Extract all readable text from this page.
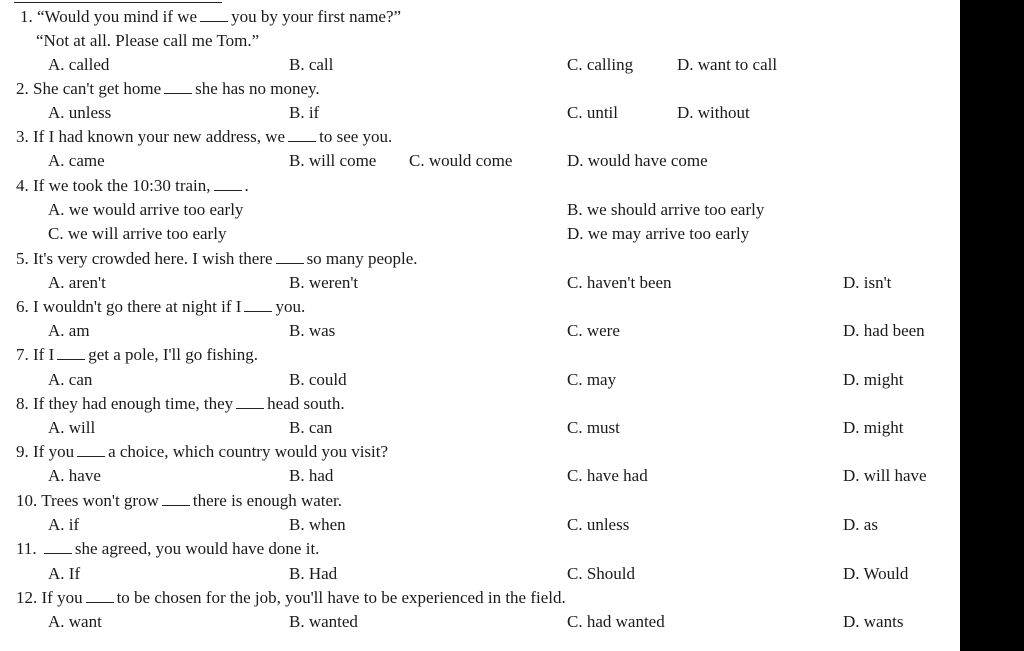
1. “Would you mind if we you by your first name?”
“Not at all. Please call me Tom.”
A. called	B. call	C. calling	D. want to call
2. She can't get home she has no money.
A. unless	B. if	C. until	D. without
3. If I had known your new address, we to see you.
A. came	B. will come C. would come	D. would have come
4. If we took the 10:30 train, .
A. we would arrive too early	B. we should arrive too early
C. we will arrive too early	D. we may arrive too early
5. It's very crowded here. I wish there so many people.
A. aren't	B. weren't	C. haven't been	D. isn't
6. I wouldn't go there at night if I you.
A. am	B. was	C. were	D. had been
7. If I get a pole, I'll go fishing.
A. can	B. could	C. may	D. might
8. If they had enough time, they head south.
A. will	B. can	C. must	D. might
9. If you a choice, which country would you visit?
A. have	B. had	C. have had	D. will have
10. Trees won't grow there is enough water.
A. if	B. when	C. unless	D. as
11. she agreed, you would have done it.
A. If	B. Had	C. Should	D. Would
12. If you to be chosen for the job, you'll have to be experienced in the field.
A. want	B. wanted	C. had wanted	D. wants
